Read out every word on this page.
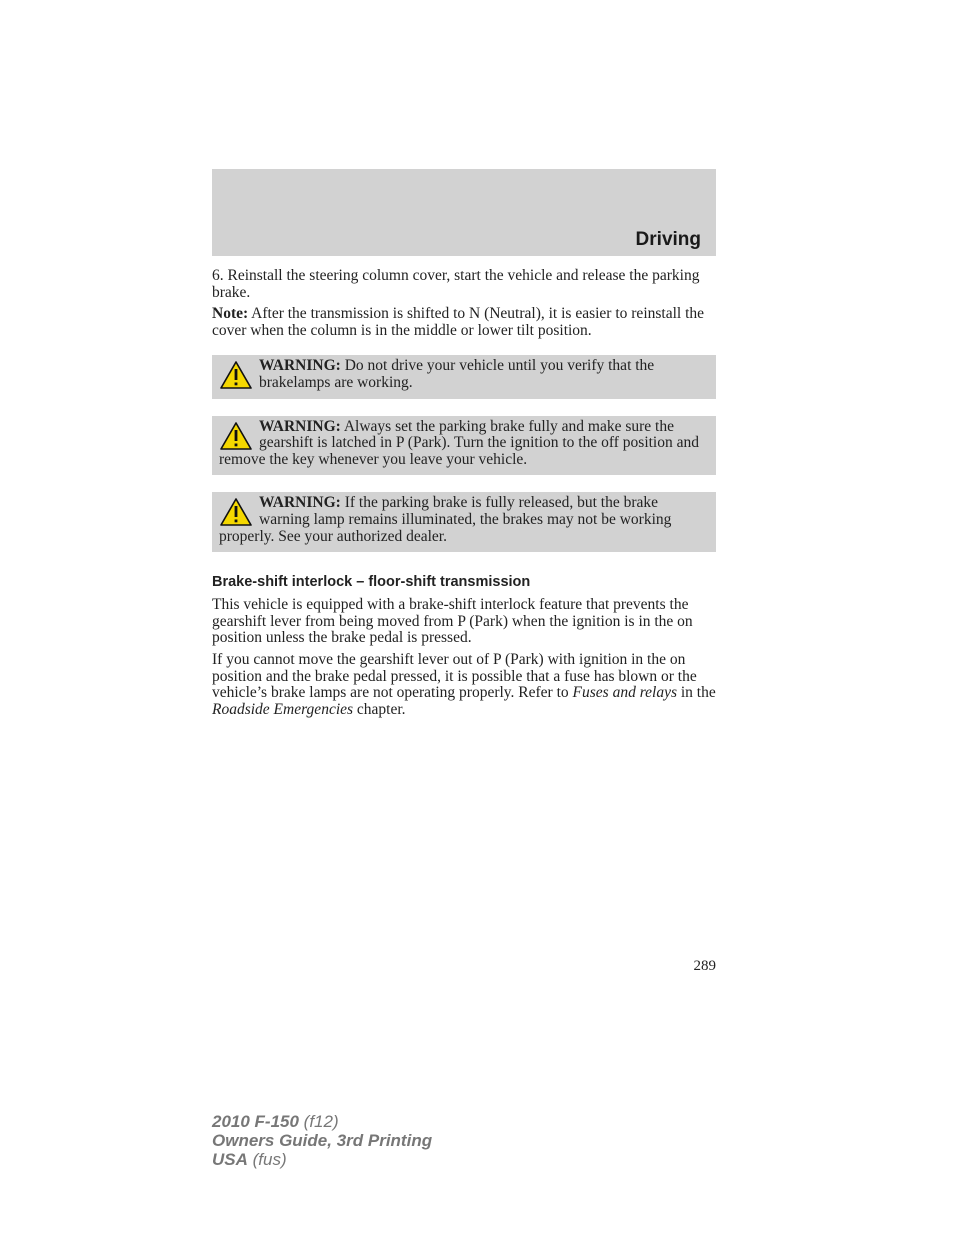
Driving

6. Reinstall the steering column cover, start the vehicle and release the parking brake.

Note: After the transmission is shifted to N (Neutral), it is easier to reinstall the cover when the column is in the middle or lower tilt position.

WARNING: Do not drive your vehicle until you verify that the brakelamps are working.
WARNING: Always set the parking brake fully and make sure the gearshift is latched in P (Park). Turn the ignition to the off position and remove the key whenever you leave your vehicle.
WARNING: If the parking brake is fully released, but the brake warning lamp remains illuminated, the brakes may not be working properly. See your authorized dealer.
Brake-shift interlock – floor-shift transmission

This vehicle is equipped with a brake-shift interlock feature that prevents the gearshift lever from being moved from P (Park) when the ignition is in the on position unless the brake pedal is pressed.

If you cannot move the gearshift lever out of P (Park) with ignition in the on position and the brake pedal pressed, it is possible that a fuse has blown or the vehicle’s brake lamps are not operating properly. Refer to Fuses and relays in the Roadside Emergencies chapter.

289
2010 F-150 (f12)
Owners Guide, 3rd Printing
USA (fus)
